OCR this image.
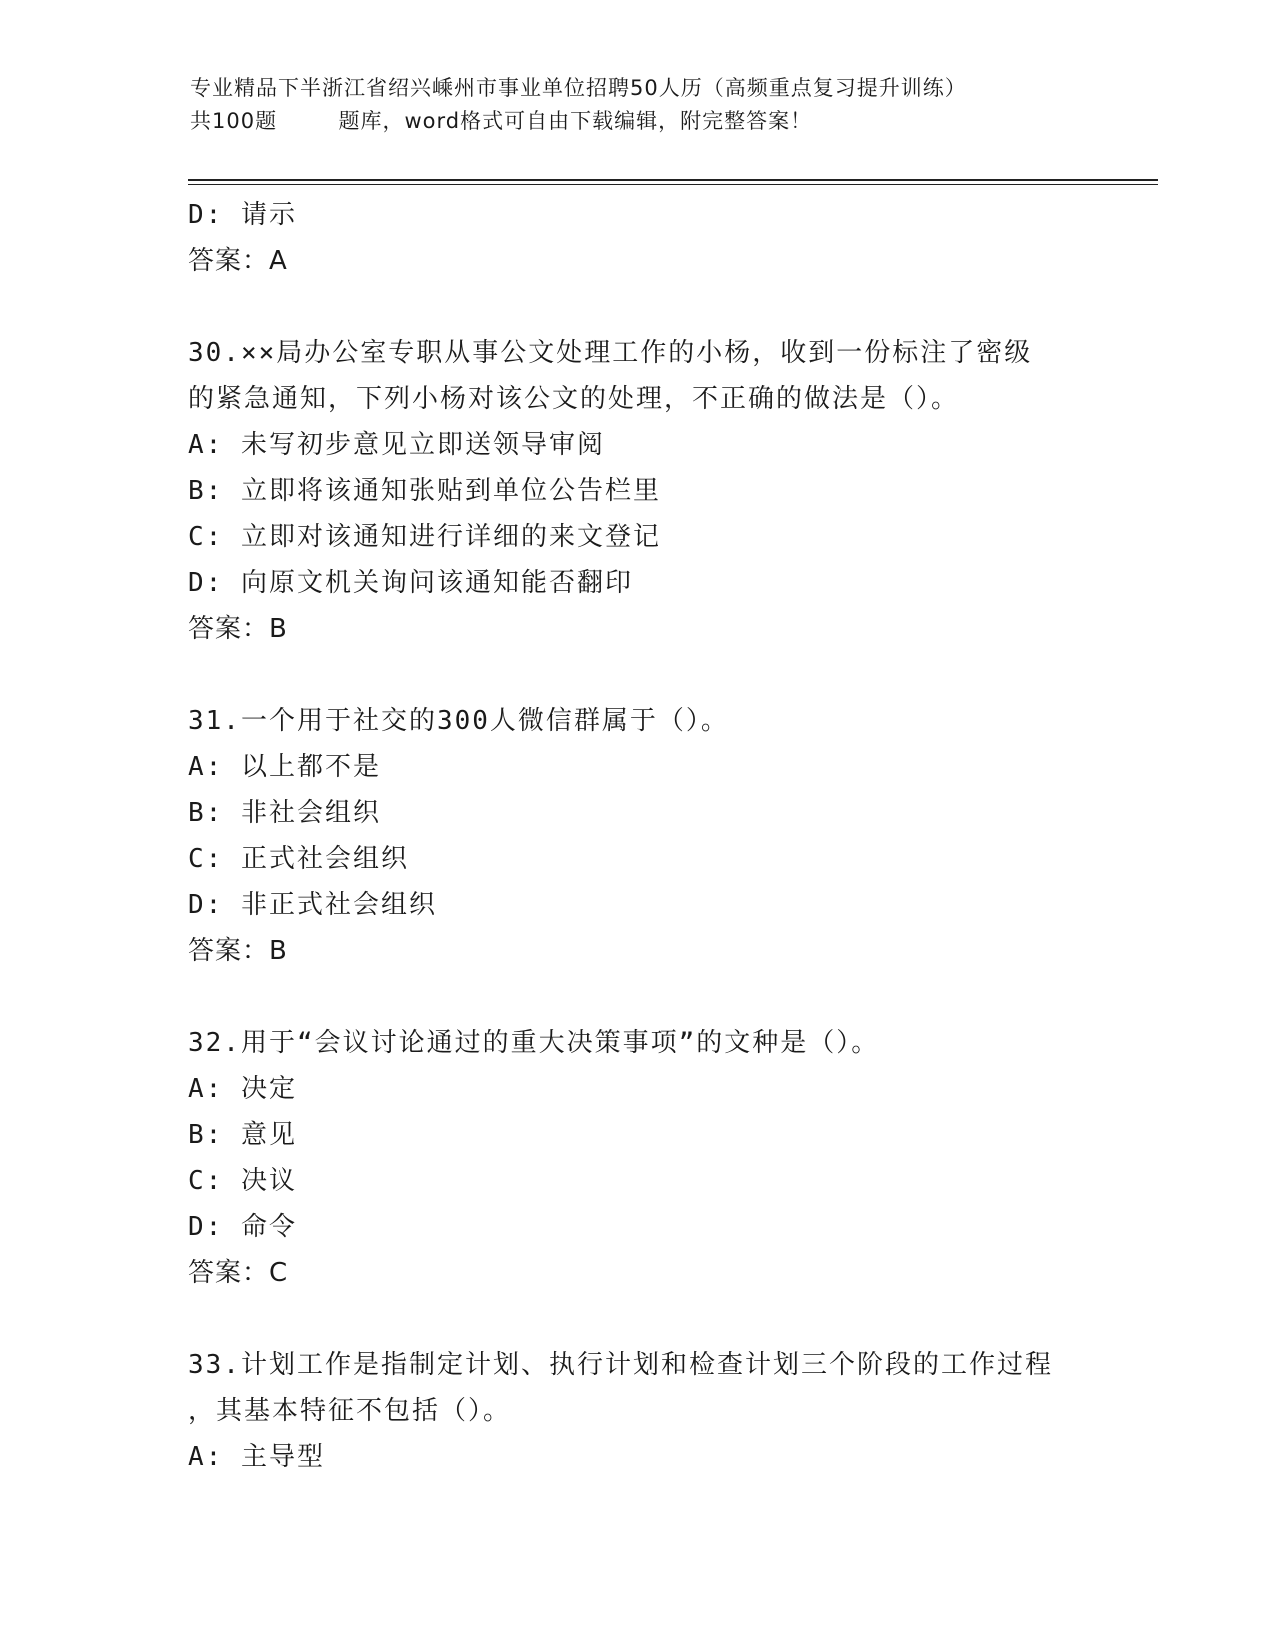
专业精品下半浙江省绍兴嵊州市事业单位招聘50人历（高频重点复习提升训练）
共100题        题库，word格式可自由下载编辑，附完整答案！
D: 请示
答案：A
30.××局办公室专职从事公文处理工作的小杨，收到一份标注了密级
的紧急通知，下列小杨对该公文的处理，不正确的做法是（）。
A: 未写初步意见立即送领导审阅
B: 立即将该通知张贴到单位公告栏里
C: 立即对该通知进行详细的来文登记
D: 向原文机关询问该通知能否翻印
答案：B
31.一个用于社交的300人微信群属于（）。
A: 以上都不是
B: 非社会组织
C: 正式社会组织
D: 非正式社会组织
答案：B
32.用于“会议讨论通过的重大决策事项”的文种是（）。
A: 决定
B: 意见
C: 决议
D: 命令
答案：C
33.计划工作是指制定计划、执行计划和检查计划三个阶段的工作过程
，其基本特征不包括（）。
A: 主导型
